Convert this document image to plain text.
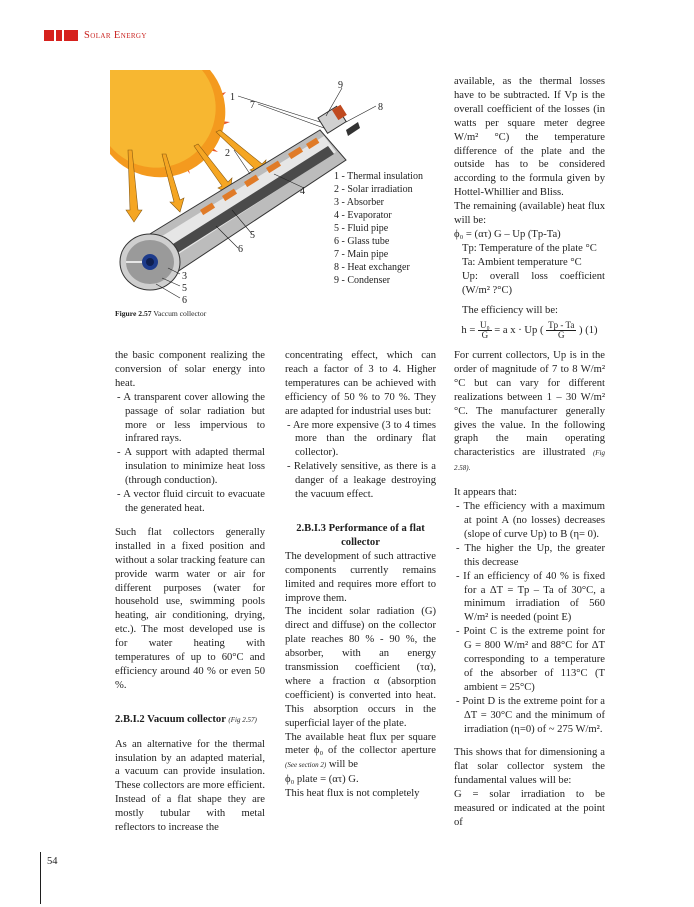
Solar Energy
1
2
3
4
5
5
6
6
7	8
9
1 - Thermal insulation
2 - Solar irradiation
3 - Absorber
4 - Evaporator
5 - Fluid pipe
6 - Glass tube
7 - Main pipe
8 - Heat exchanger
9 - Condenser
Figure 2.57 Vaccum collector

the basic component realizing the conversion of solar energy into heat.

- A transparent cover allowing the passage of solar radiation but more or less impervious to infrared rays.

- A support with adapted thermal insulation to minimize heat loss (through conduction).

- A vector fluid circuit to evacuate the generated heat.

Such flat collectors generally installed in a fixed position and without a solar tracking feature can provide warm water or air for different purposes (water for household use, swimming pools heating, air conditioning, drying, etc.). The most developed use is for water heating with temperatures of up to 60°C and efficiency around 40 % or even 50 %.

2.B.I.2 Vacuum collector (Fig 2.57)

As an alternative for the thermal insulation by an adapted material, a vacuum can provide insulation. These collectors are more efficient. Instead of a flat shape they are mostly tubular with metal reflectors to increase the

concentrating effect, which can reach a factor of 3 to 4. Higher temperatures can be achieved with efficiency of 50 % to 70 %. They are adapted for industrial uses but:

- Are more expensive (3 to 4 times more than the ordinary flat collector).

- Relatively sensitive, as there is a danger of a leakage destroying the vacuum effect.

2.B.I.3 Performance of a flat collector

The development of such attractive components currently remains limited and requires more effort to improve them.

The incident solar radiation (G) direct and diffuse) on the collector plate reaches 80 % - 90 %, the absorber, with an energy transmission coefficient (τα), where a fraction α (absorption coefficient) is converted into heat. This absorption occurs in the superficial layer of the plate.

The available heat flux per square meter ϕ₀ of the collector aperture (See section 2) will be

ϕ₀ plate = (ατ) G.

This heat flux is not completely

available, as the thermal losses have to be subtracted. If Vp is the overall coefficient of the losses (in watts per square meter degree W/m² °C) the temperature difference of the plate and the outside has to be considered according to the formula given by Hottel-Whillier and Bliss.

The remaining (available) heat flux will be:

ϕ₀ = (ατ) G – Up (Tp-Ta)

Tp: Temperature of the plate °C

Ta: Ambient temperature °C

Up: overall loss coefficient (W/m² ?°C)

The efficiency will be:

$h = \frac{\text{U₀}}{G} = a$ x · Up ( $\frac{Tp - Ta}{G}$ ) (1)

For current collectors, Up is in the order of magnitude of 7 to 8 W/m² °C but can vary for different realizations between 1 – 30 W/m² °C. The manufacturer generally gives the value. In the following graph the main operating characteristics are illustrated (Fig 2.58).

It appears that:

- The efficiency with a maximum at point A (no losses) decreases (slope of curve Up) to B (η= 0).

- The higher the Up, the greater this decrease

- If an efficiency of 40 % is fixed for a ΔT = Tp – Ta of 30°C, a minimum irradiation of 560 W/m² is needed (point E)

- Point C is the extreme point for G = 800 W/m² and 88°C for ΔT corresponding to a temperature of the absorber of 113°C (T ambient = 25°C)

- Point D is the extreme point for a ΔT = 30°C and the minimum of irradiation (η=0) of ~ 275 W/m².

This shows that for dimensioning a flat solar collector system the fundamental values will be:

G = solar irradiation to be measured or indicated at the point of

54
